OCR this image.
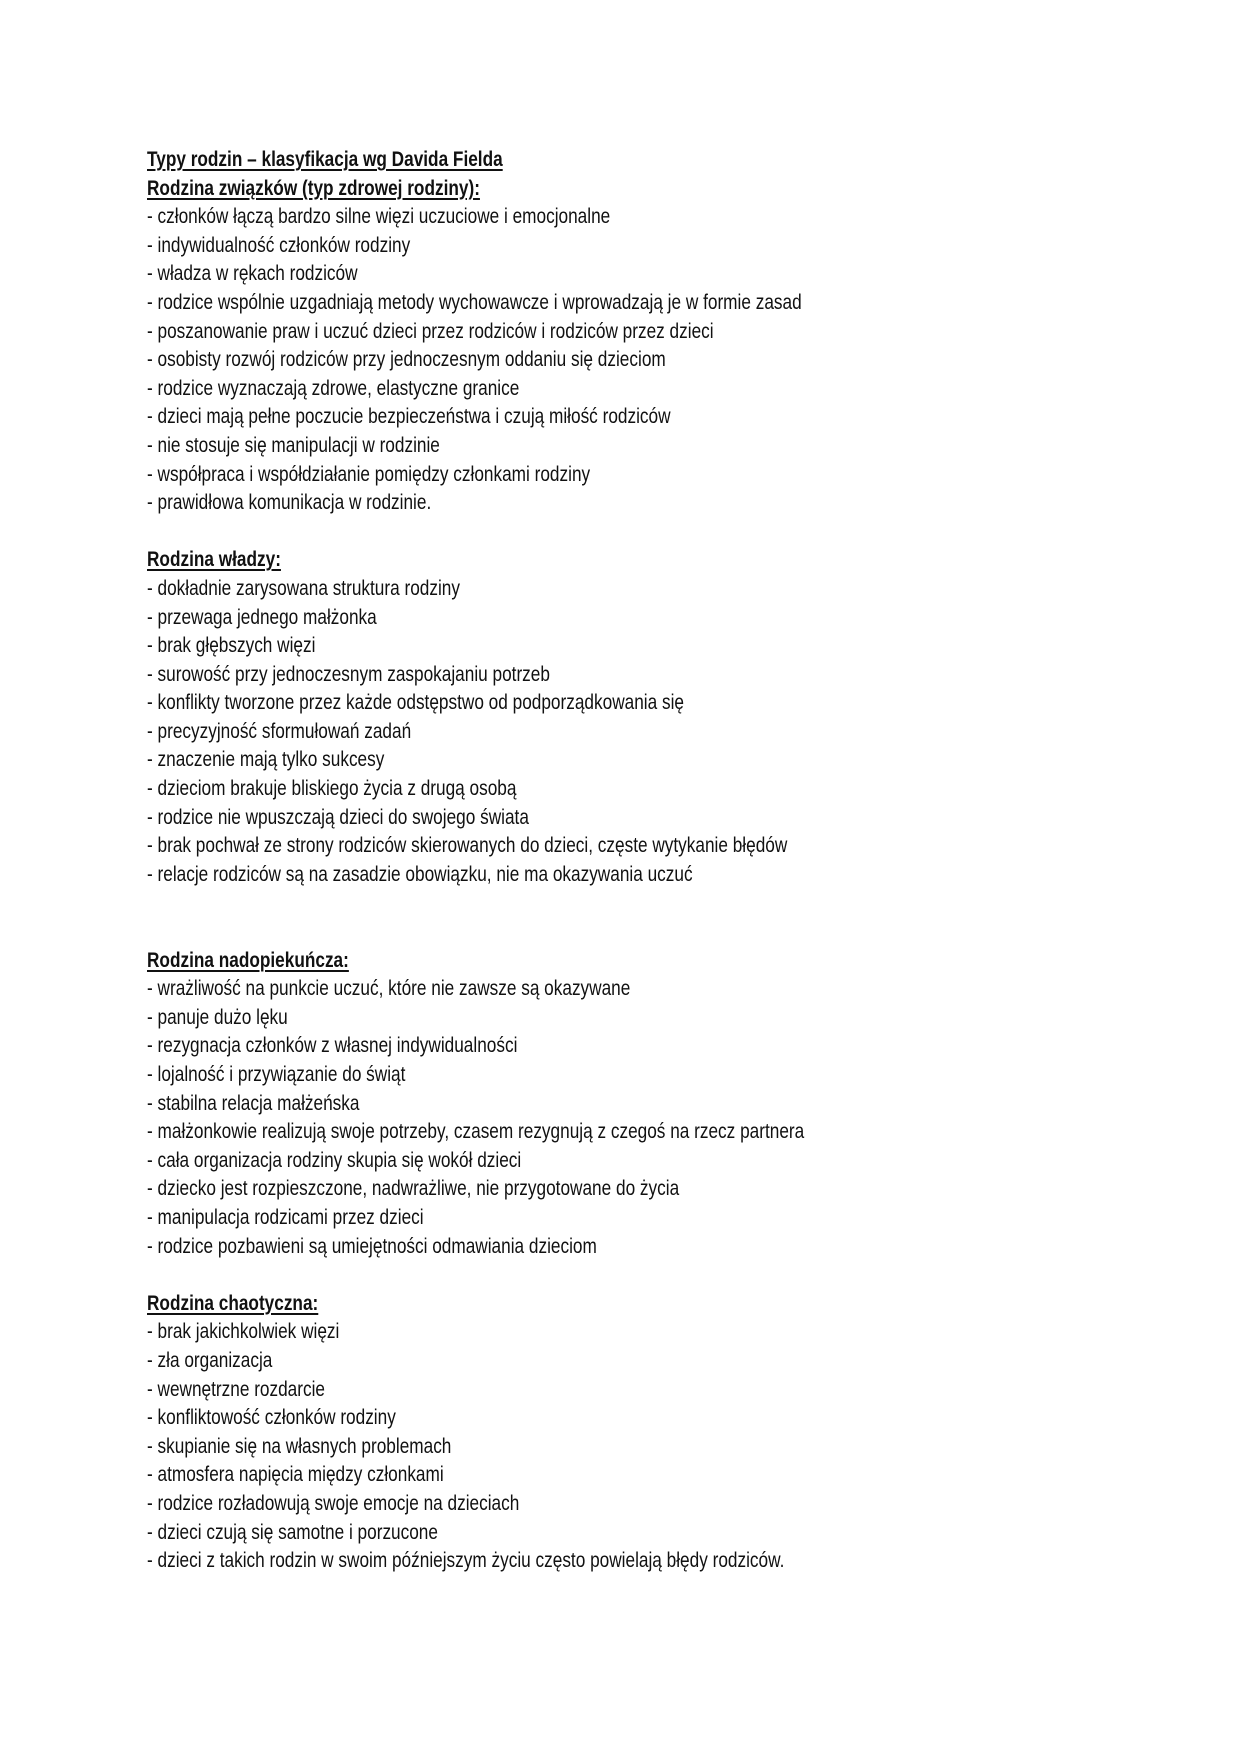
Typy rodzin – klasyfikacja wg Davida Fielda
Rodzina związków (typ zdrowej rodziny):
- członków łączą bardzo silne więzi uczuciowe i emocjonalne
- indywidualność członków rodziny
- władza w rękach rodziców
- rodzice wspólnie uzgadniają metody wychowawcze i wprowadzają je w formie zasad
- poszanowanie praw i uczuć dzieci przez rodziców i rodziców przez dzieci
- osobisty rozwój rodziców przy jednoczesnym oddaniu się dzieciom
- rodzice wyznaczają zdrowe, elastyczne granice
- dzieci mają pełne poczucie bezpieczeństwa i czują miłość rodziców
- nie stosuje się manipulacji w rodzinie
- współpraca i współdziałanie pomiędzy członkami rodziny
- prawidłowa komunikacja w rodzinie.
Rodzina władzy:
- dokładnie zarysowana struktura rodziny
- przewaga jednego małżonka
- brak głębszych więzi
- surowość przy jednoczesnym zaspokajaniu potrzeb
- konflikty tworzone przez każde odstępstwo od podporządkowania się
- precyzyjność sformułowań zadań
- znaczenie mają tylko sukcesy
- dzieciom brakuje bliskiego życia z drugą osobą
- rodzice nie wpuszczają dzieci do swojego świata
- brak pochwał ze strony rodziców skierowanych do dzieci, częste wytykanie błędów
- relacje rodziców są na zasadzie obowiązku, nie ma okazywania uczuć
Rodzina nadopiekuńcza:
- wrażliwość na punkcie uczuć, które nie zawsze są okazywane
- panuje dużo lęku
- rezygnacja członków z własnej indywidualności
- lojalność i przywiązanie do świąt
- stabilna relacja małżeńska
- małżonkowie realizują swoje potrzeby, czasem rezygnują z czegoś na rzecz partnera
- cała organizacja rodziny skupia się wokół dzieci
- dziecko jest rozpieszczone, nadwrażliwe, nie przygotowane do życia
- manipulacja rodzicami przez dzieci
- rodzice pozbawieni są umiejętności odmawiania dzieciom
Rodzina chaotyczna:
- brak jakichkolwiek więzi
- zła organizacja
- wewnętrzne rozdarcie
- konfliktowość członków rodziny
- skupianie się na własnych problemach
- atmosfera napięcia między członkami
- rodzice rozładowują swoje emocje na dzieciach
- dzieci czują się samotne i porzucone
- dzieci z takich rodzin w swoim późniejszym życiu często powielają błędy rodziców.
